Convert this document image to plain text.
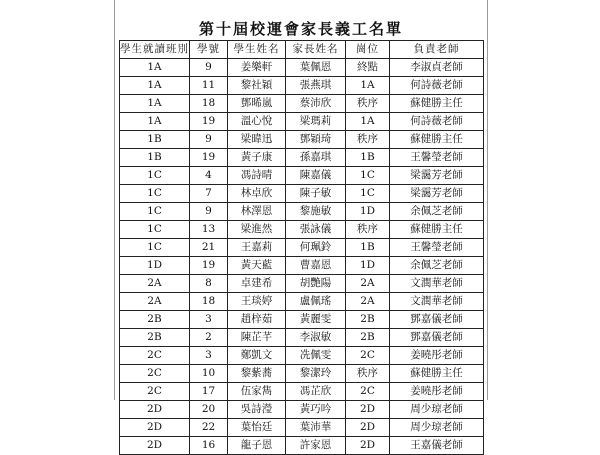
第十屆校運會家長義工名單
學生就讀班別	學號	學生姓名	家長姓名	崗位	負責老師
1A	9	姜樂軒	葉佩恩	終點	李淑貞老師
1A	11	黎社穎	張燕琪	1A	何詩薇老師
1A	18	鄧晞嵐	蔡沛欣	秩序	蘇健勝主任
1A	19	溫心悅	梁瑪莉	1A	何詩薇老師
1B	9	梁暐迅	鄧穎琦	秩序	蘇健勝主任
1B	19	黃子康	孫嘉琪	1B	王馨瑩老師
1C	4	馮詩晴	陳嘉儀	1C	梁靄芳老師
1C	7	林卓欣	陳子敏	1C	梁靄芳老師
1C	9	林澤恩	黎施敏	1D	余佩芝老師
1C	13	梁進然	張詠儀	秩序	蘇健勝主任
1C	21	王嘉莉	何珮鈴	1B	王馨瑩老師
1D	19	黃天藍	曹嘉恩	1D	余佩芝老師
2A	8	卓建希	胡艷陽	2A	文潤華老師
2A	18	王琰婷	盧佩瑤	2A	文潤華老師
2B	3	趙梓茹	黃麗雯	2B	鄧嘉儀老師
2B	2	陳芷芊	李淑敏	2B	鄧嘉儀老師
2C	3	鄭凱文	冼佩雯	2C	姜曉彤老師
2C	10	黎紫蕎	黎潔玲	秩序	蘇健勝主任
2C	17	伍家雋	馮芷欣	2C	姜曉彤老師
2D	20	吳詩瀅	黃巧吟	2D	周少琼老師
2D	22	葉怡廷	葉沛華	2D	周少琼老師
2D	16	龍子恩	許家恩	2D	王嘉儀老師
